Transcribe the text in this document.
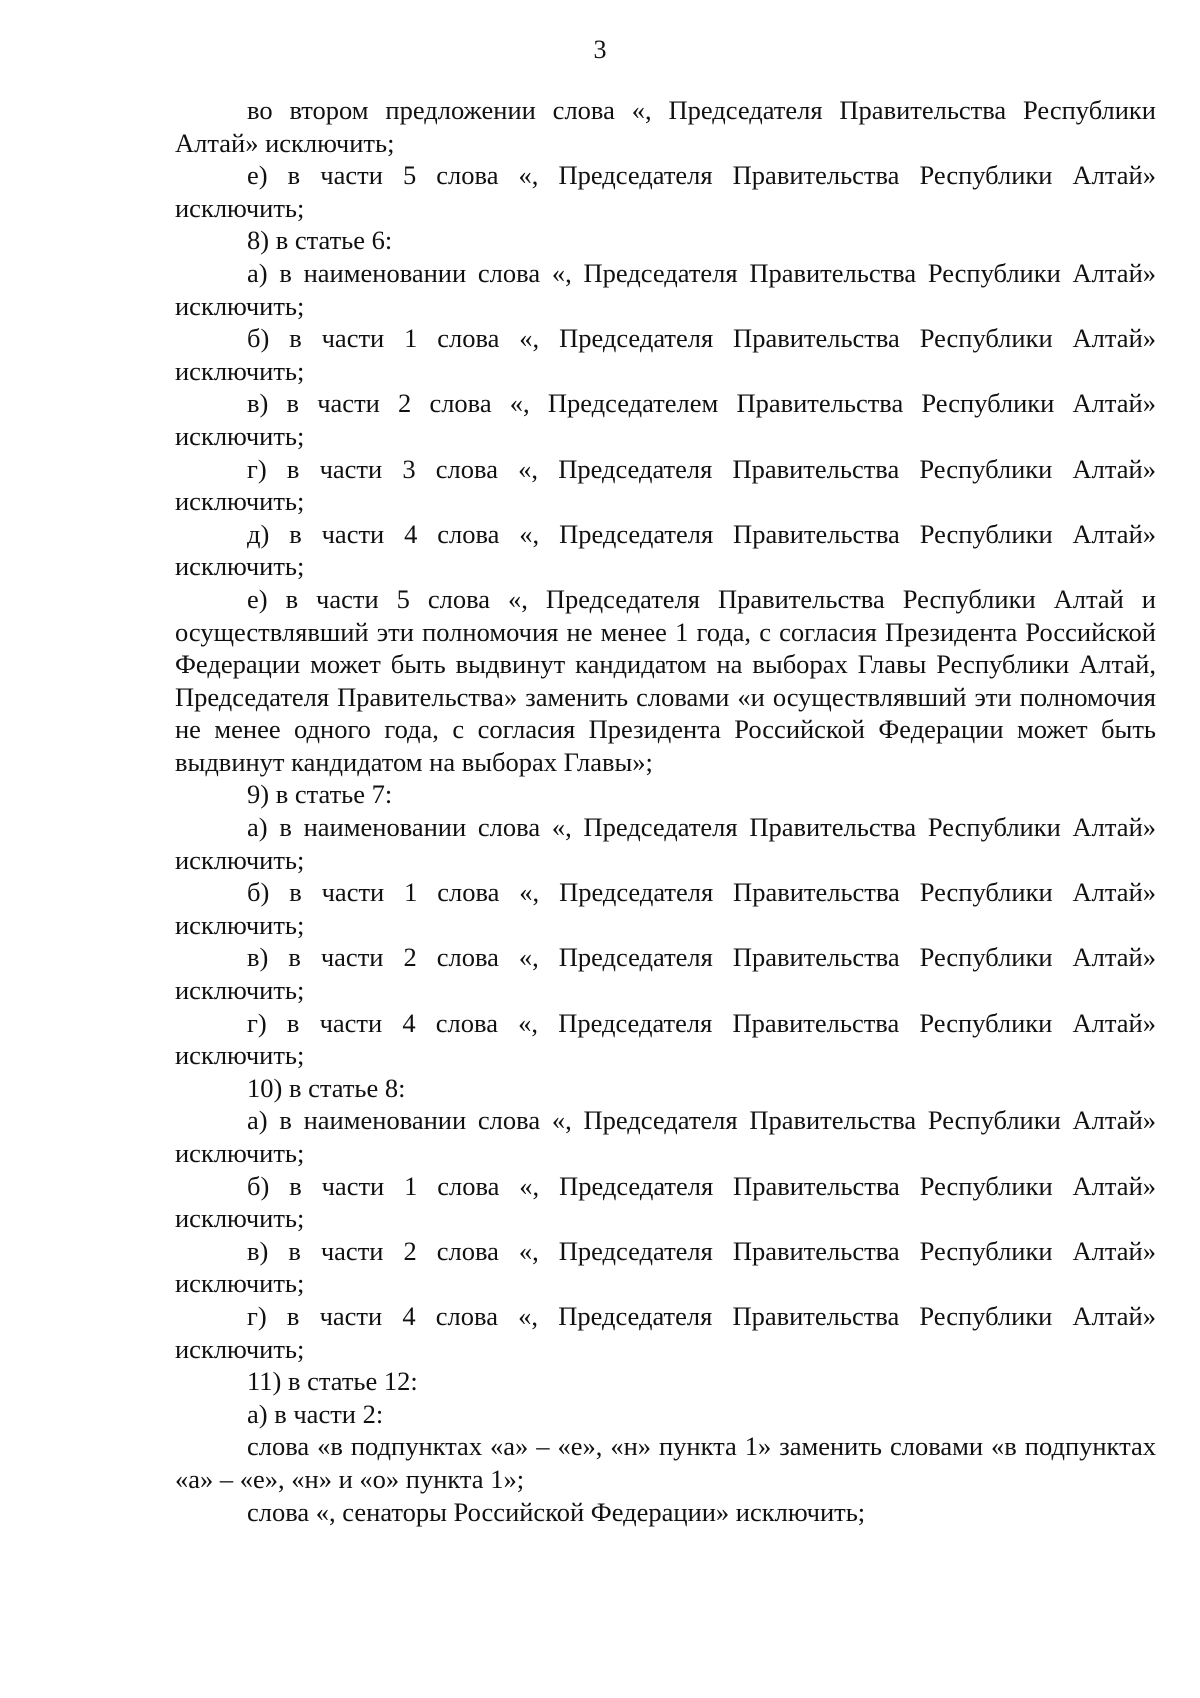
3

во втором предложении слова «, Председателя Правительства Республики Алтай» исключить;

е) в части 5 слова «, Председателя Правительства Республики Алтай» исключить;

8) в статье 6:

а) в наименовании слова «, Председателя Правительства Республики Алтай» исключить;

б) в части 1 слова «, Председателя Правительства Республики Алтай» исключить;

в) в части 2 слова «, Председателем Правительства Республики Алтай» исключить;

г) в части 3 слова «, Председателя Правительства Республики Алтай» исключить;

д) в части 4 слова «, Председателя Правительства Республики Алтай» исключить;

е) в части 5 слова «, Председателя Правительства Республики Алтай и осуществлявший эти полномочия не менее 1 года, с согласия Президента Российской Федерации может быть выдвинут кандидатом на выборах Главы Республики Алтай, Председателя Правительства» заменить словами «и осуществлявший эти полномочия не менее одного года, с согласия Президента Российской Федерации может быть выдвинут кандидатом на выборах Главы»;

9) в статье 7:

а) в наименовании слова «, Председателя Правительства Республики Алтай» исключить;

б) в части 1 слова «, Председателя Правительства Республики Алтай» исключить;

в) в части 2 слова «, Председателя Правительства Республики Алтай» исключить;

г) в части 4 слова «, Председателя Правительства Республики Алтай» исключить;

10) в статье 8:

а) в наименовании слова «, Председателя Правительства Республики Алтай» исключить;

б) в части 1 слова «, Председателя Правительства Республики Алтай» исключить;

в) в части 2 слова «, Председателя Правительства Республики Алтай» исключить;

г) в части 4 слова «, Председателя Правительства Республики Алтай» исключить;

11) в статье 12:

а) в части 2:

слова «в подпунктах «а» – «е», «н» пункта 1» заменить словами «в подпунктах «а» – «е», «н» и «о» пункта 1»;

слова «, сенаторы Российской Федерации» исключить;
